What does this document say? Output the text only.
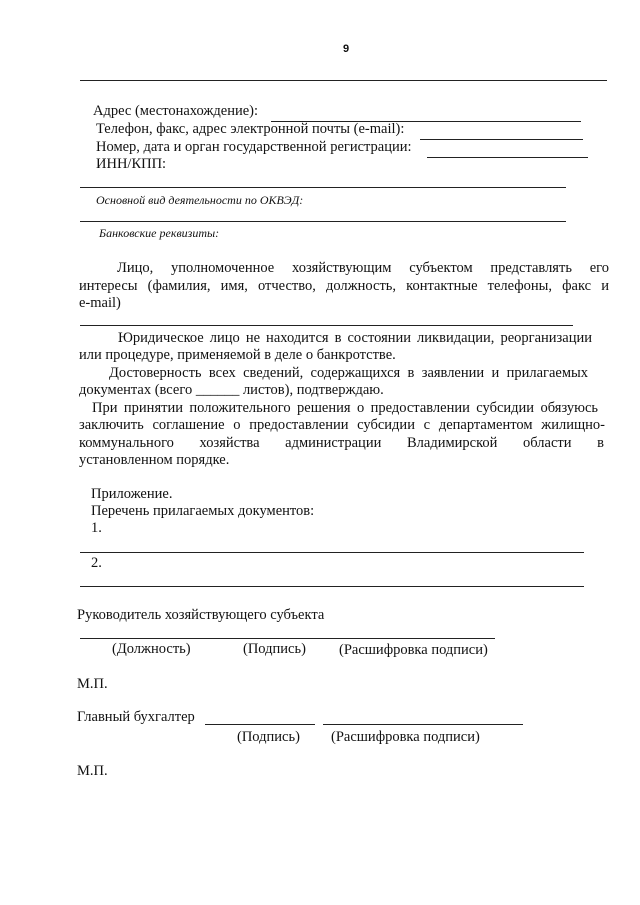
9
Адрес (местонахождение):
Телефон, факс, адрес электронной почты (e-mail):
Номер, дата и орган государственной регистрации:
ИНН/КПП:
Основной вид деятельности по ОКВЭД:
Банковские реквизиты:
Лицо, уполномоченное хозяйствующим субъектом представлять его
интересы (фамилия, имя, отчество, должность, контактные телефоны, факс и
e-mail)
Юридическое лицо не находится в состоянии ликвидации, реорганизации
или процедуре, применяемой в деле о банкротстве.
Достоверность всех сведений, содержащихся в заявлении и прилагаемых
документах (всего ______ листов), подтверждаю.
При принятии положительного решения о предоставлении субсидии обязуюсь
заключить соглашение о предоставлении субсидии с департаментом жилищно-
коммунального хозяйства администрации Владимирской области в
установленном порядке.
Приложение.
Перечень прилагаемых документов:
1.
2.
Руководитель хозяйствующего субъекта
(Должность)	(Подпись) (Расшифровка подписи)
М.П.
Главный бухгалтер
(Подпись) (Расшифровка подписи)
М.П.
